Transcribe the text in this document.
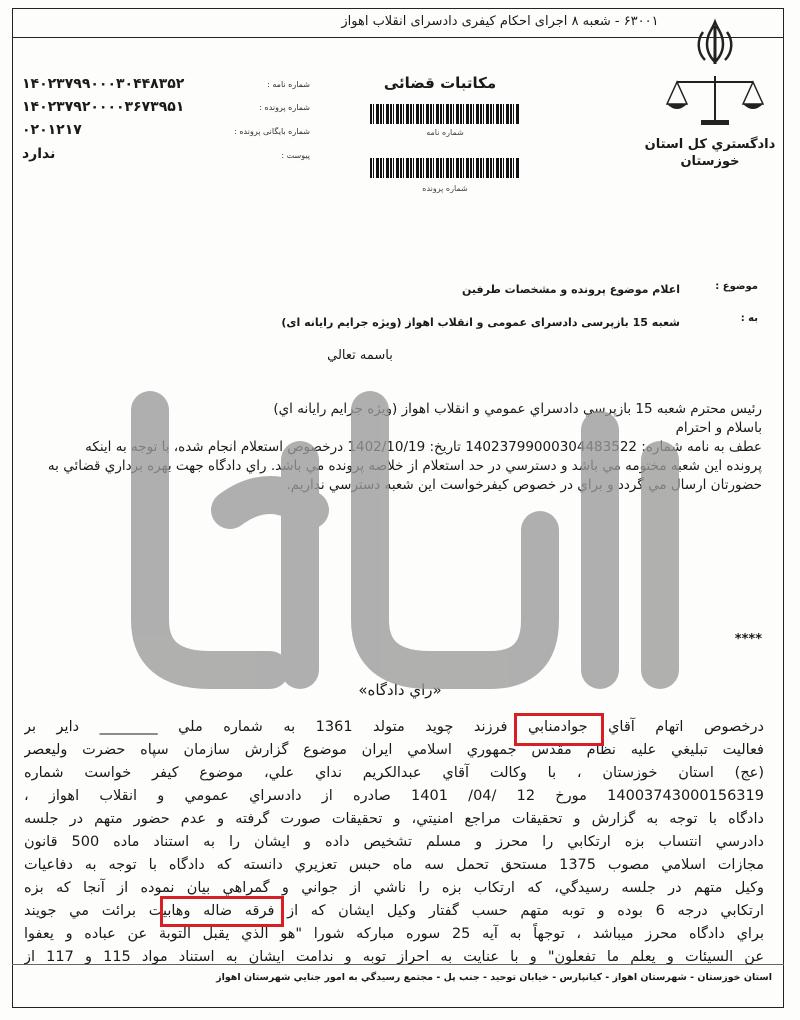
۶۳۰۰۱ - شعبه ۸ اجرای احکام کیفری دادسرای انقلاب اهواز
دادگستري كل استان
خوزستان
مکاتبات قضائی
شماره نامه
شماره پرونده
شماره نامه :
۱۴۰۲۳۷۹۹۰۰۰۳۰۴۴۸۳۵۲
شماره پرونده :
۱۴۰۲۳۷۹۲۰۰۰۰۳۶۷۳۹۵۱
شماره بایگانی پرونده :
۰۲۰۱۲۱۷
پیوست :
ندارد
موضوع :
اعلام موضوع پرونده و مشخصات طرفين
به :
شعبه 15 بازپرسی دادسرای عمومی و انقلاب اهواز (ویژه جرایم رایانه ای)
باسمه تعالي
رئيس محترم شعبه 15 بازپرسي دادسراي عمومي و انقلاب اهواز (ويژه جرايم رايانه اي)
باسلام و احترام
عطف به نامه شماره: 14023799000304483522 تاريخ: 1402/10/19 درخصوص استعلام انجام شده، با توجه به اينكه
پرونده اين شعبه مختومه مي باشد و دسترسي در حد استعلام از خلاصه پرونده مي باشد. راي دادگاه جهت بهره برداري قضائي به
حضورتان ارسال مي گردد و براي در خصوص كيفرخواست اين شعبه دسترسي نداريم.
****
«راي دادگاه»
درخصوص اتهام آقاي جوادمنابي فرزند چويد متولد 1361 به شماره ملي ________ داير بر
فعاليت تبليغي عليه نظام مقدس جمهوري اسلامي ايران موضوع گزارش سازمان سپاه حضرت وليعصر
(عج) استان خوزستان ، با وكالت آقاي عبدالكريم نداي علي، موضوع كيفر خواست شماره
14003743000156319 مورخ 12 /04/ 1401 صادره از دادسراي عمومي و انقلاب اهواز ،
دادگاه با توجه به گزارش و تحقيقات مراجع امنيتي، و تحقيقات صورت گرفته و عدم حضور متهم در جلسه
دادرسي انتساب بزه ارتكابي را محرز و مسلم تشخيص داده و ايشان را به استناد ماده 500 قانون
مجازات اسلامي مصوب 1375 مستحق تحمل سه ماه حبس تعزيري دانسته كه دادگاه با توجه به دفاعيات
وكيل متهم در جلسه رسيدگي، كه ارتكاب بزه را ناشي از جواني و گمراهي بيان نموده از آنجا كه بزه
ارتكابي درجه 6 بوده و توبه متهم حسب گفتار وكيل ايشان كه از فرقه ضاله وهابيت برائت مي جويند
براي دادگاه محرز ميباشد ، توجهاً به آيه 25 سوره مباركه شورا "هو الذي يقبل التوبة عن عباده و يعفوا
عن السيئات و يعلم ما تفعلون" و با عنايت به احراز توبه و ندامت ايشان به استناد مواد 115 و 117 از
استان خوزستان - شهرستان اهواز - کیانپارس - خیابان توحید - جنب پل - مجتمع رسيدگي به امور جنايي شهرستان اهواز
